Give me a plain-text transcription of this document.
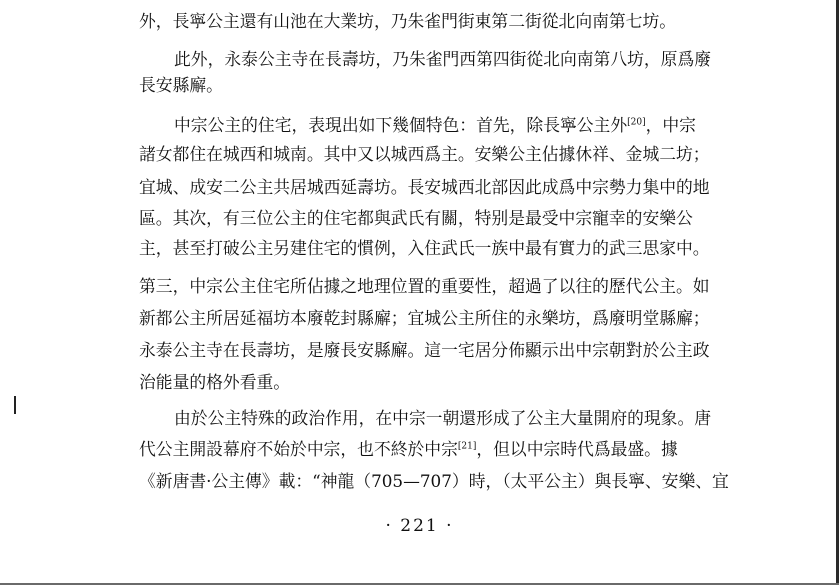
外，長寧公主還有山池在大業坊，乃朱雀門街東第二街從北向南第七坊。
此外，永泰公主寺在長壽坊，乃朱雀門西第四街從北向南第八坊，原爲廢
長安縣廨。
中宗公主的住宅，表現出如下幾個特色：首先，除長寧公主外[20]，中宗
諸女都住在城西和城南。其中又以城西爲主。安樂公主佔據休祥、金城二坊；
宜城、成安二公主共居城西延壽坊。長安城西北部因此成爲中宗勢力集中的地
區。其次，有三位公主的住宅都與武氏有關，特别是最受中宗寵幸的安樂公
主，甚至打破公主另建住宅的慣例，入住武氏一族中最有實力的武三思家中。
第三，中宗公主住宅所佔據之地理位置的重要性，超過了以往的歷代公主。如
新都公主所居延福坊本廢乾封縣廨；宜城公主所住的永樂坊，爲廢明堂縣廨；
永泰公主寺在長壽坊，是廢長安縣廨。這一宅居分佈顯示出中宗朝對於公主政
治能量的格外看重。
由於公主特殊的政治作用，在中宗一朝還形成了公主大量開府的現象。唐
代公主開設幕府不始於中宗，也不終於中宗[21]，但以中宗時代爲最盛。據
《新唐書·公主傳》載：“神龍（705—707）時，（太平公主）與長寧、安樂、宜
· 221 ·
